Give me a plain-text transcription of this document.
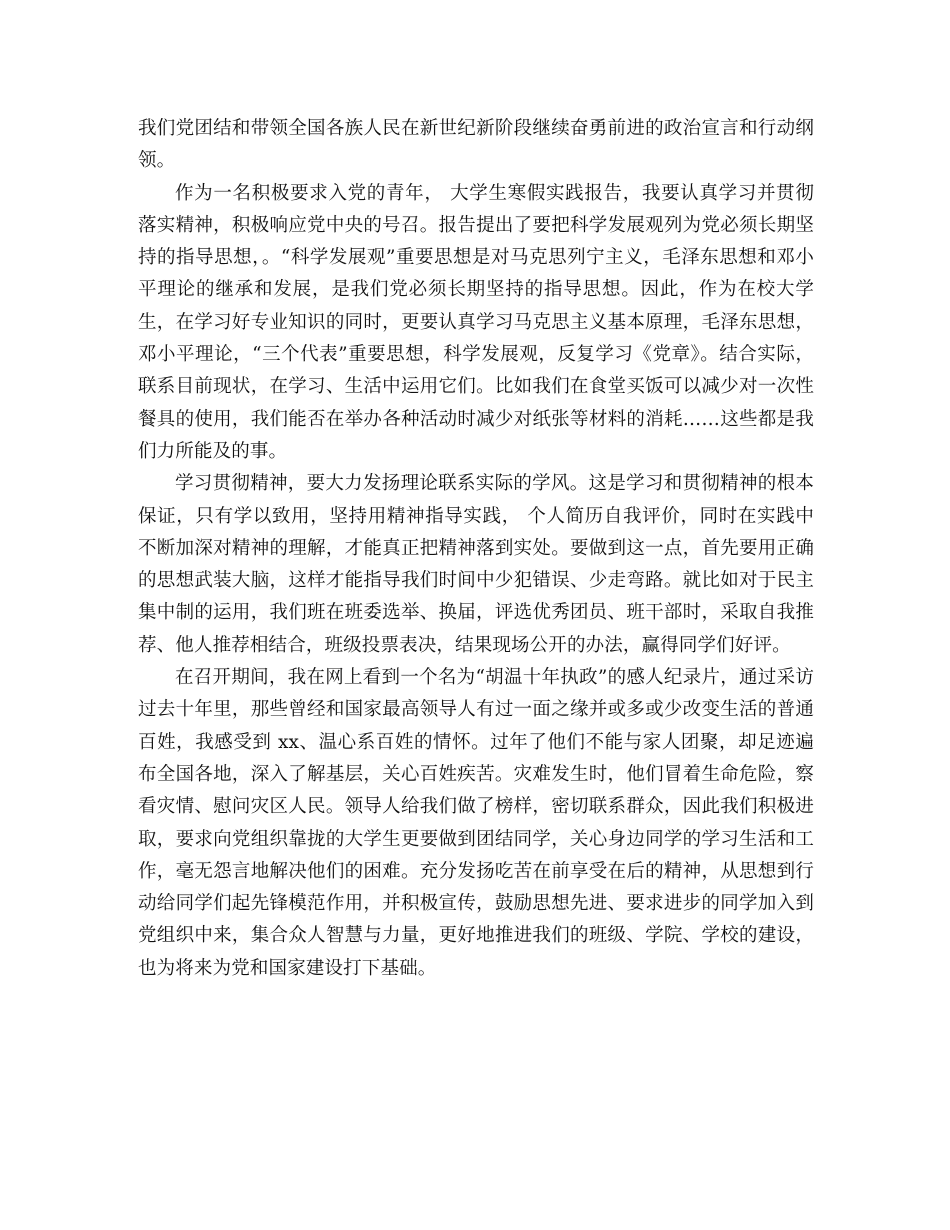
我们党团结和带领全国各族人民在新世纪新阶段继续奋勇前进的政治宣言和行动纲领。

作为一名积极要求入党的青年， 大学生寒假实践报告，我要认真学习并贯彻落实精神，积极响应党中央的号召。报告提出了要把科学发展观列为党必须长期坚持的指导思想，。“科学发展观”重要思想是对马克思列宁主义，毛泽东思想和邓小平理论的继承和发展，是我们党必须长期坚持的指导思想。因此，作为在校大学生，在学习好专业知识的同时，更要认真学习马克思主义基本原理，毛泽东思想，邓小平理论，“三个代表”重要思想，科学发展观，反复学习《党章》。结合实际，联系目前现状，在学习、生活中运用它们。比如我们在食堂买饭可以减少对一次性餐具的使用，我们能否在举办各种活动时减少对纸张等材料的消耗……这些都是我们力所能及的事。

学习贯彻精神，要大力发扬理论联系实际的学风。这是学习和贯彻精神的根本保证，只有学以致用，坚持用精神指导实践， 个人简历自我评价，同时在实践中不断加深对精神的理解，才能真正把精神落到实处。要做到这一点，首先要用正确的思想武装大脑，这样才能指导我们时间中少犯错误、少走弯路。就比如对于民主集中制的运用，我们班在班委选举、换届，评选优秀团员、班干部时，采取自我推荐、他人推荐相结合，班级投票表决，结果现场公开的办法，赢得同学们好评。

在召开期间，我在网上看到一个名为“胡温十年执政”的感人纪录片，通过采访过去十年里，那些曾经和国家最高领导人有过一面之缘并或多或少改变生活的普通百姓，我感受到 xx、温心系百姓的情怀。过年了他们不能与家人团聚，却足迹遍布全国各地，深入了解基层，关心百姓疾苦。灾难发生时，他们冒着生命危险，察看灾情、慰问灾区人民。领导人给我们做了榜样，密切联系群众，因此我们积极进取，要求向党组织靠拢的大学生更要做到团结同学，关心身边同学的学习生活和工作，毫无怨言地解决他们的困难。充分发扬吃苦在前享受在后的精神，从思想到行动给同学们起先锋模范作用，并积极宣传，鼓励思想先进、要求进步的同学加入到党组织中来，集合众人智慧与力量，更好地推进我们的班级、学院、学校的建设，也为将来为党和国家建设打下基础。
